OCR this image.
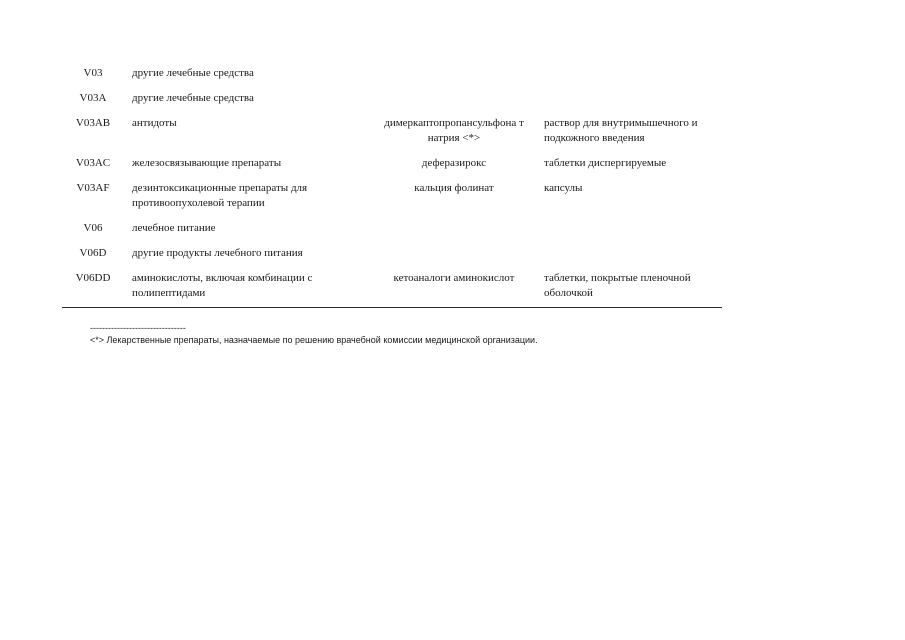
V03	другие лечебные средства		
V03A	другие лечебные средства		
V03AB	антидоты	димеркаптопропансульфона т натрия <*>	раствор для внутримышечного и подкожного введения
V03AC	железосвязывающие препараты	деферазирокс	таблетки диспергируемые
V03AF	дезинтоксикационные препараты для противоопухолевой терапии	кальция фолинат	капсулы
V06	лечебное питание		
V06D	другие продукты лечебного питания		
V06DD	аминокислоты, включая комбинации с полипептидами	кетоаналоги аминокислот	таблетки, покрытые пленочной оболочкой
--------------------------------
<*> Лекарственные препараты, назначаемые по решению врачебной комиссии медицинской организации.
